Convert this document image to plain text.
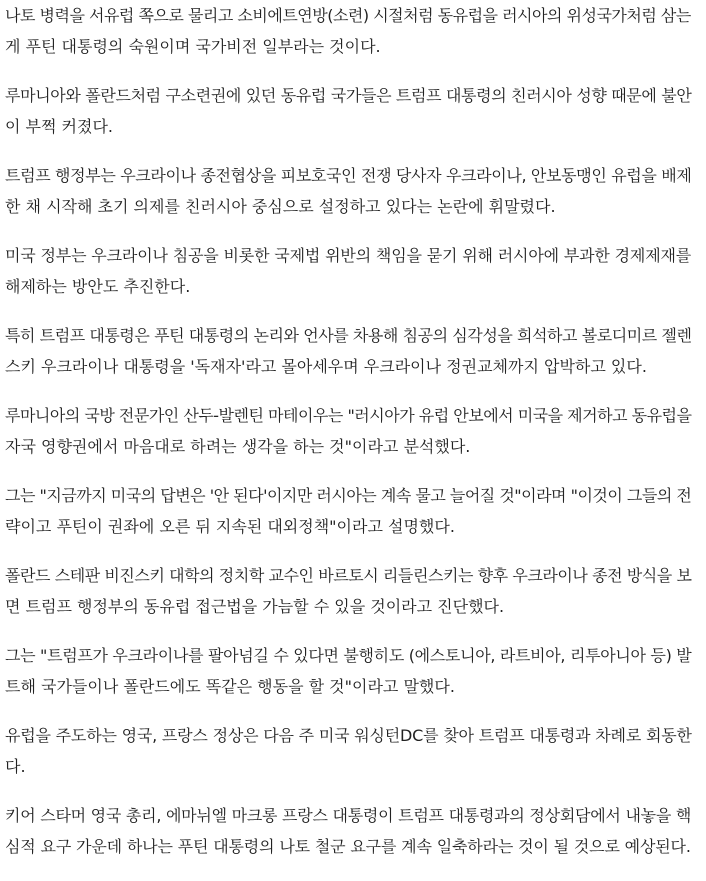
나토 병력을 서유럽 쪽으로 물리고 소비에트연방(소련) 시절처럼 동유럽을 러시아의 위성국가처럼 삼는
게 푸틴 대통령의 숙원이며 국가비전 일부라는 것이다.

루마니아와 폴란드처럼 구소련권에 있던 동유럽 국가들은 트럼프 대통령의 친러시아 성향 때문에 불안
이 부쩍 커졌다.

트럼프 행정부는 우크라이나 종전협상을 피보호국인 전쟁 당사자 우크라이나, 안보동맹인 유럽을 배제
한 채 시작해 초기 의제를 친러시아 중심으로 설정하고 있다는 논란에 휘말렸다.

미국 정부는 우크라이나 침공을 비롯한 국제법 위반의 책임을 묻기 위해 러시아에 부과한 경제제재를
해제하는 방안도 추진한다.

특히 트럼프 대통령은 푸틴 대통령의 논리와 언사를 차용해 침공의 심각성을 희석하고 볼로디미르 젤렌
스키 우크라이나 대통령을 '독재자'라고 몰아세우며 우크라이나 정권교체까지 압박하고 있다.

루마니아의 국방 전문가인 산두-발렌틴 마테이우는 "러시아가 유럽 안보에서 미국을 제거하고 동유럽을
자국 영향권에서 마음대로 하려는 생각을 하는 것"이라고 분석했다.

그는 "지금까지 미국의 답변은 '안 된다'이지만 러시아는 계속 물고 늘어질 것"이라며 "이것이 그들의 전
략이고 푸틴이 권좌에 오른 뒤 지속된 대외정책"이라고 설명했다.

폴란드 스테판 비진스키 대학의 정치학 교수인 바르토시 리들린스키는 향후 우크라이나 종전 방식을 보
면 트럼프 행정부의 동유럽 접근법을 가늠할 수 있을 것이라고 진단했다.

그는 "트럼프가 우크라이나를 팔아넘길 수 있다면 불행히도 (에스토니아, 라트비아, 리투아니아 등) 발
트해 국가들이나 폴란드에도 똑같은 행동을 할 것"이라고 말했다.

유럽을 주도하는 영국, 프랑스 정상은 다음 주 미국 워싱턴DC를 찾아 트럼프 대통령과 차례로 회동한
다.

키어 스타머 영국 총리, 에마뉘엘 마크롱 프랑스 대통령이 트럼프 대통령과의 정상회담에서 내놓을 핵
심적 요구 가운데 하나는 푸틴 대통령의 나토 철군 요구를 계속 일축하라는 것이 될 것으로 예상된다.
